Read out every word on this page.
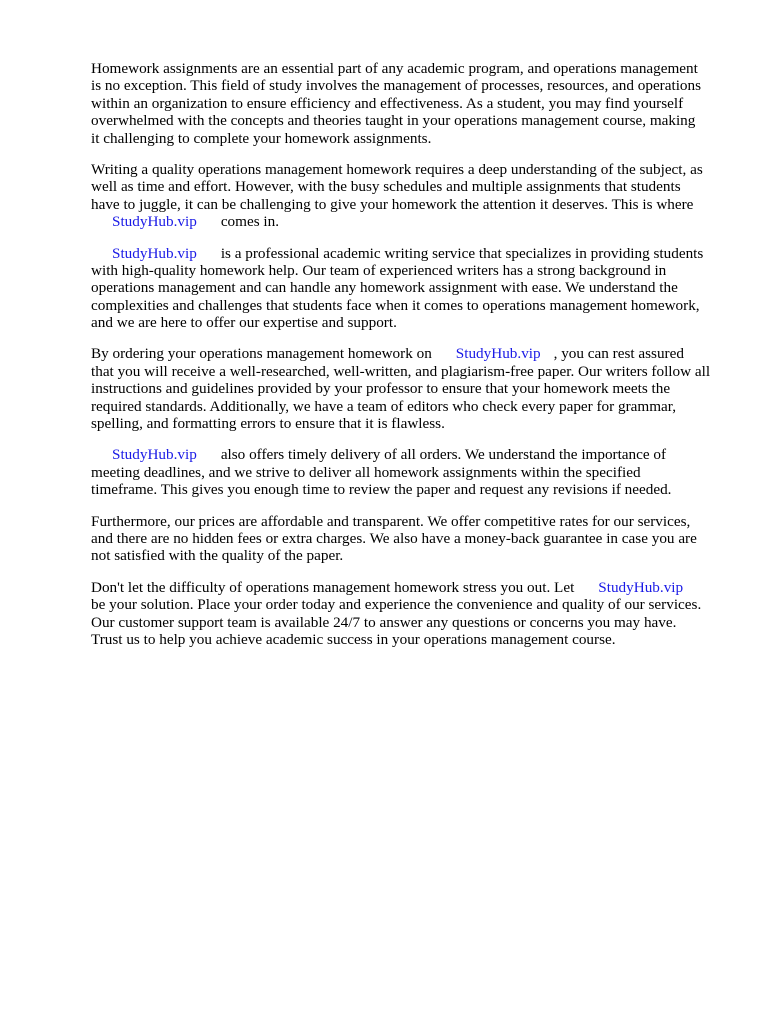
Homework assignments are an essential part of any academic program, and operations management
is no exception. This field of study involves the management of processes, resources, and operations
within an organization to ensure efficiency and effectiveness. As a student, you may find yourself
overwhelmed with the concepts and theories taught in your operations management course, making
it challenging to complete your homework assignments.
Writing a quality operations management homework requires a deep understanding of the subject, as
well as time and effort. However, with the busy schedules and multiple assignments that students
have to juggle, it can be challenging to give your homework the attention it deserves. This is where
StudyHub.vip comes in.
StudyHub.vip is a professional academic writing service that specializes in providing students
with high-quality homework help. Our team of experienced writers has a strong background in
operations management and can handle any homework assignment with ease. We understand the
complexities and challenges that students face when it comes to operations management homework,
and we are here to offer our expertise and support.
By ordering your operations management homework on StudyHub.vip , you can rest assured
that you will receive a well-researched, well-written, and plagiarism-free paper. Our writers follow all
instructions and guidelines provided by your professor to ensure that your homework meets the
required standards. Additionally, we have a team of editors who check every paper for grammar,
spelling, and formatting errors to ensure that it is flawless.
StudyHub.vip also offers timely delivery of all orders. We understand the importance of
meeting deadlines, and we strive to deliver all homework assignments within the specified
timeframe. This gives you enough time to review the paper and request any revisions if needed.
Furthermore, our prices are affordable and transparent. We offer competitive rates for our services,
and there are no hidden fees or extra charges. We also have a money-back guarantee in case you are
not satisfied with the quality of the paper.
Don't let the difficulty of operations management homework stress you out. Let StudyHub.vip
be your solution. Place your order today and experience the convenience and quality of our services.
Our customer support team is available 24/7 to answer any questions or concerns you may have.
Trust us to help you achieve academic success in your operations management course.
